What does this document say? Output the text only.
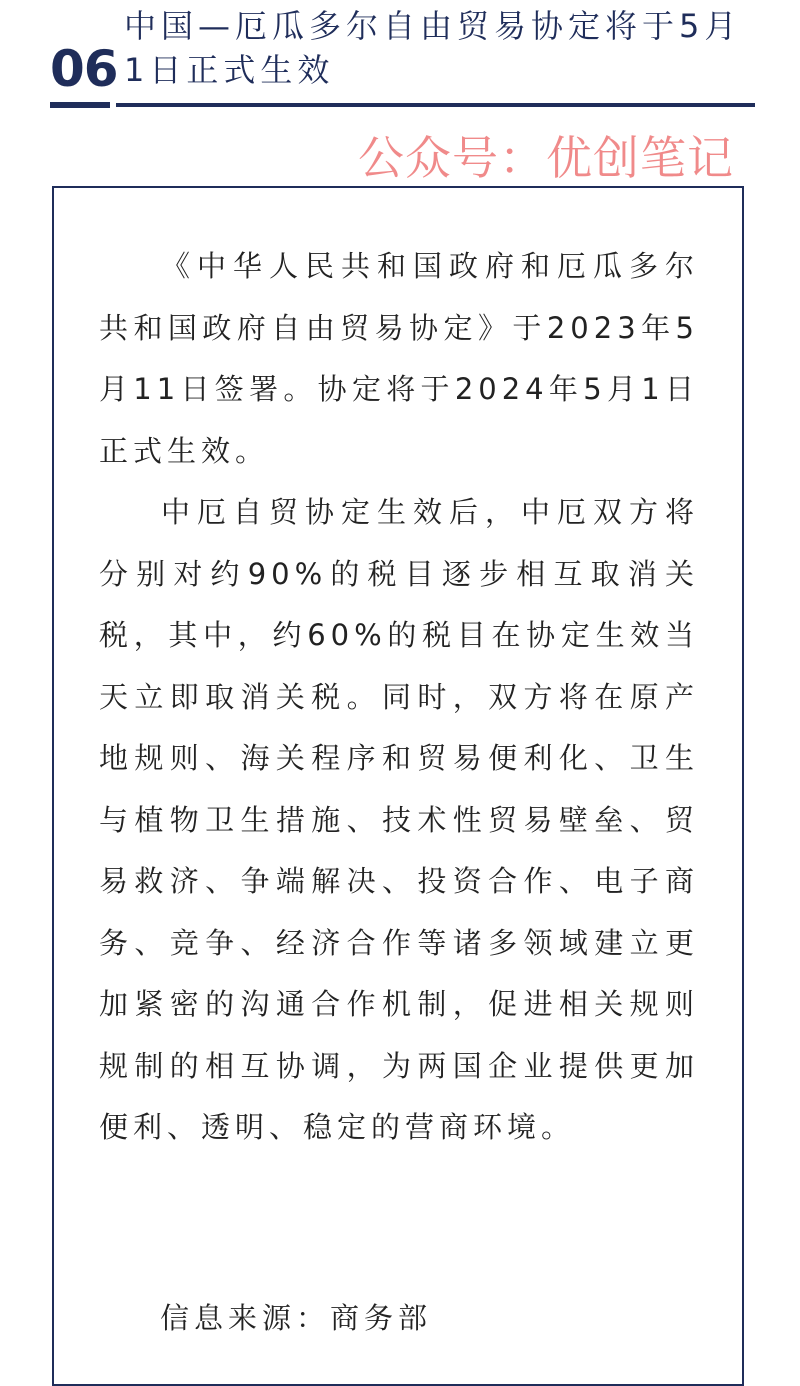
06
中国—厄瓜多尔自由贸易协定将于5月1日正式生效
公众号：优创笔记

《中华人民共和国政府和厄瓜多尔共和国政府自由贸易协定》于2023年5月11日签署。协定将于2024年5月1日正式生效。

中厄自贸协定生效后，中厄双方将分别对约90%的税目逐步相互取消关税，其中，约60%的税目在协定生效当天立即取消关税。同时，双方将在原产地规则、海关程序和贸易便利化、卫生与植物卫生措施、技术性贸易壁垒、贸易救济、争端解决、投资合作、电子商务、竞争、经济合作等诸多领域建立更加紧密的沟通合作机制，促进相关规则规制的相互协调，为两国企业提供更加便利、透明、稳定的营商环境。

信息来源：商务部
